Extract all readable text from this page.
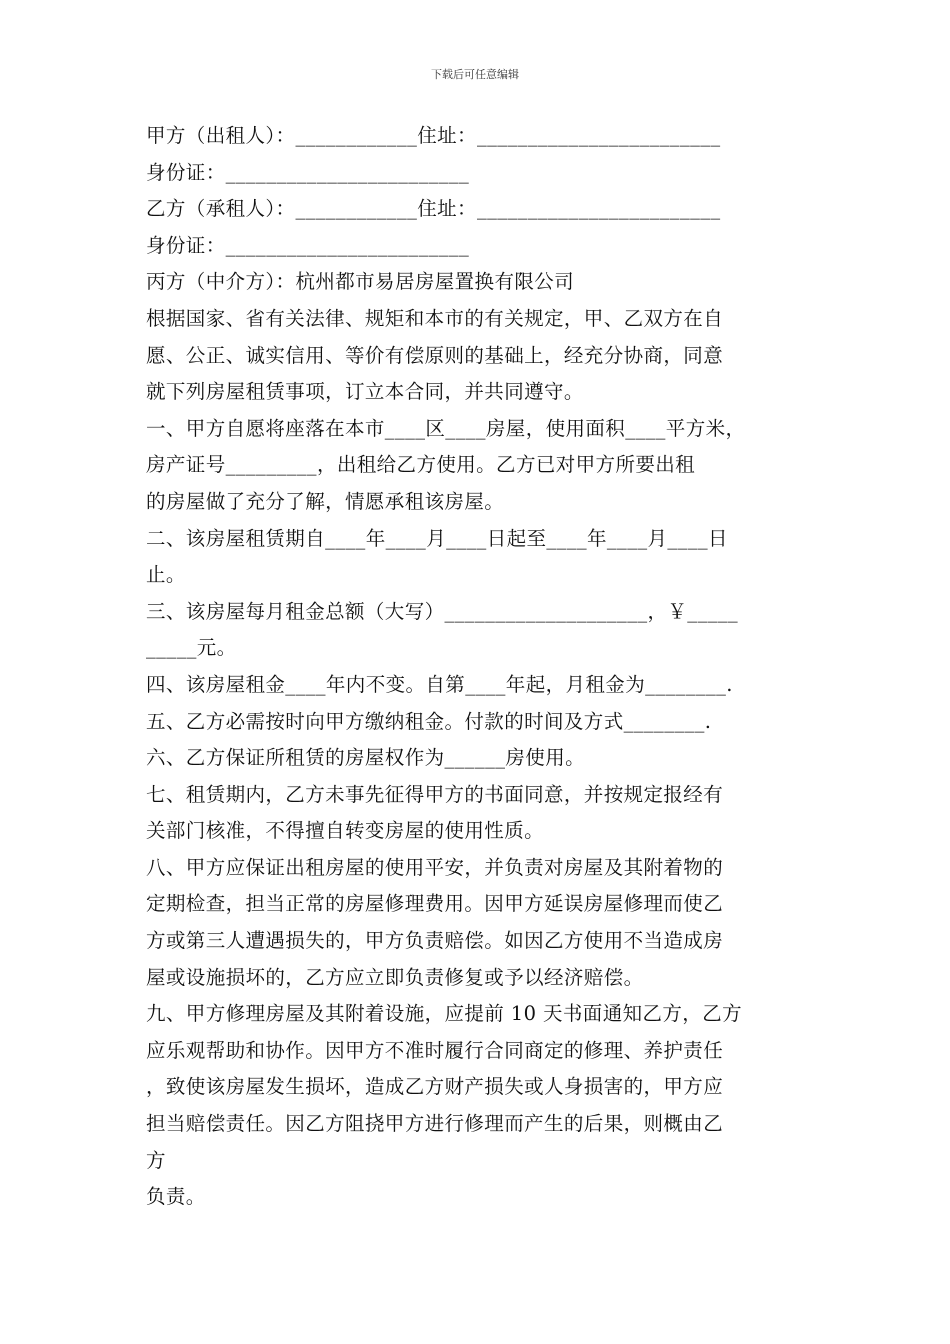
下载后可任意编辑
甲方（出租人）：____________住址：________________________
身份证：________________________
乙方（承租人）：____________住址：________________________
身份证：________________________
丙方（中介方）：杭州都市易居房屋置换有限公司
根据国家、省有关法律、规矩和本市的有关规定，甲、乙双方在自
愿、公正、诚实信用、等价有偿原则的基础上，经充分协商，同意
就下列房屋租赁事项，订立本合同，并共同遵守。
一、甲方自愿将座落在本市____区____房屋，使用面积____平方米，
房产证号_________，出租给乙方使用。乙方已对甲方所要出租
的房屋做了充分了解，情愿承租该房屋。
二、该房屋租赁期自____年____月____日起至____年____月____日
止。
三、该房屋每月租金总额（大写）____________________，￥_____
_____元。
四、该房屋租金____年内不变。自第____年起，月租金为________.
五、乙方必需按时向甲方缴纳租金。付款的时间及方式________.
六、乙方保证所租赁的房屋权作为______房使用。
七、租赁期内，乙方未事先征得甲方的书面同意，并按规定报经有
关部门核准，不得擅自转变房屋的使用性质。
八、甲方应保证出租房屋的使用平安，并负责对房屋及其附着物的
定期检查，担当正常的房屋修理费用。因甲方延误房屋修理而使乙
方或第三人遭遇损失的，甲方负责赔偿。如因乙方使用不当造成房
屋或设施损坏的，乙方应立即负责修复或予以经济赔偿。
九、甲方修理房屋及其附着设施，应提前 10 天书面通知乙方，乙方
应乐观帮助和协作。因甲方不准时履行合同商定的修理、养护责任
，致使该房屋发生损坏，造成乙方财产损失或人身损害的，甲方应
担当赔偿责任。因乙方阻挠甲方进行修理而产生的后果，则概由乙
方
负责。
